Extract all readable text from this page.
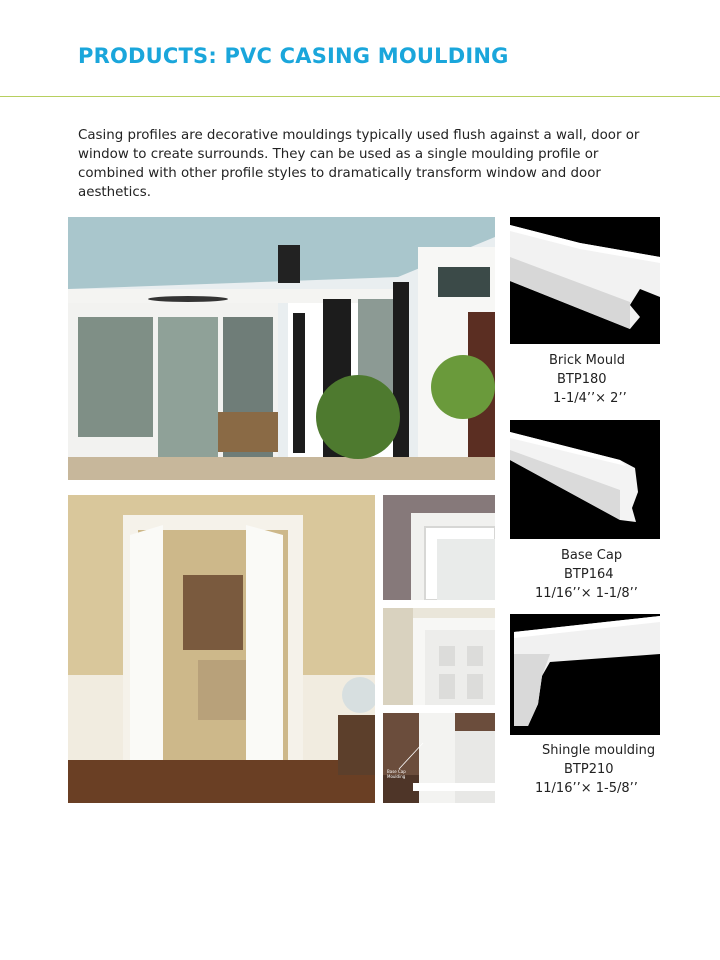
PRODUCTS: PVC CASING MOULDING

Casing profiles are decorative mouldings typically used flush against a wall, door or window to create surrounds. They can be used as a single moulding profile or combined with other profile styles to dramatically transform window and door aesthetics.

Brick Mould
BTP180
1-1/4’’× 2’’
Base Cap
BTP164
11/16’’× 1-1/8’’
Shingle moulding
BTP210
11/16’’× 1-5/8’’
Base Cap Moulding
